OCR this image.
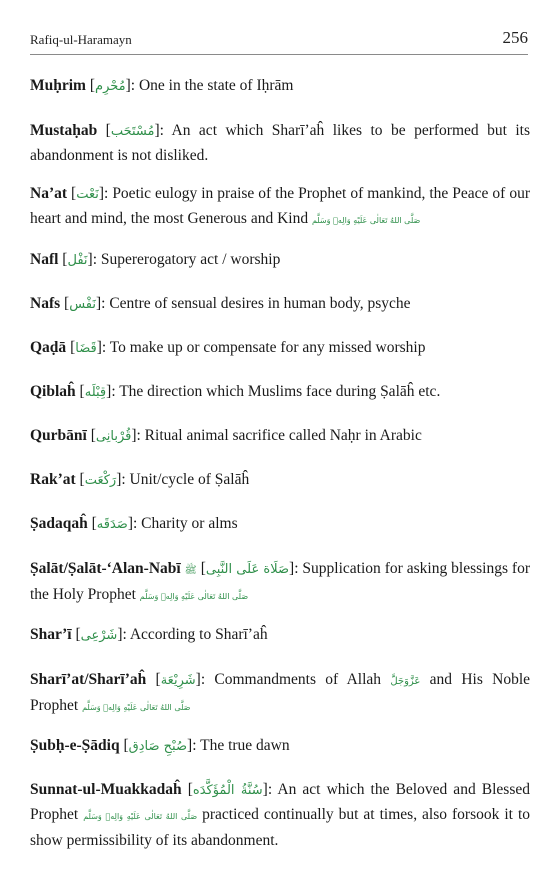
Rafiq-ul-Haramayn	256
Muḥrim [مُحْرِم]: One in the state of Iḥrām
Mustaḥab [مُسْتَحَب]: An act which Sharī’aĥ likes to be performed but its abandonment is not disliked.
Na’at [نَعْت]: Poetic eulogy in praise of the Prophet of mankind, the Peace of our heart and mind, the most Generous and Kind صَلَّى اللهُ تَعَالٰى عَلَيْهِ وَالِهٖ وَسَلَّم
Nafl [نَفْل]: Supererogatory act / worship
Nafs [نَفْس]: Centre of sensual desires in human body, psyche
Qaḍā [قَضَا]: To make up or compensate for any missed worship
Qiblaĥ [قِبْلَه]: The direction which Muslims face during Ṣalāĥ etc.
Qurbānī [قُرْبانِی]: Ritual animal sacrifice called Naḥr in Arabic
Rak’at [رَكْعَت]: Unit/cycle of Ṣalāĥ
Ṣadaqaĥ [صَدَقَه]: Charity or alms
Ṣalāt/Ṣalāt-‘Alan-Nabī ﷺ [صَلَاة عَلَى النَّبِی]: Supplication for asking blessings for the Holy Prophet صَلَّى اللهُ تَعَالٰى عَلَيْهِ وَالِهٖ وَسَلَّم
Shar’ī [شَرْعِی]: According to Sharī’aĥ
Sharī’at/Sharī’aĥ [شَرِيْعَة]: Commandments of Allah عَزَّوَجَلَّ and His Noble Prophet صَلَّى اللهُ تَعَالٰى عَلَيْهِ وَالِهٖ وَسَلَّم
Ṣubḥ-e-Ṣādiq [صُبْحِ صَادِق]: The true dawn
Sunnat-ul-Muakkadaĥ [سُنَّةُ الْمُؤَكَّدَه]: An act which the Beloved and Blessed Prophet صَلَّى اللهُ تَعَالٰى عَلَيْهِ وَالِهٖ وَسَلَّم practiced continually but at times, also forsook it to show permissibility of its abandonment.
